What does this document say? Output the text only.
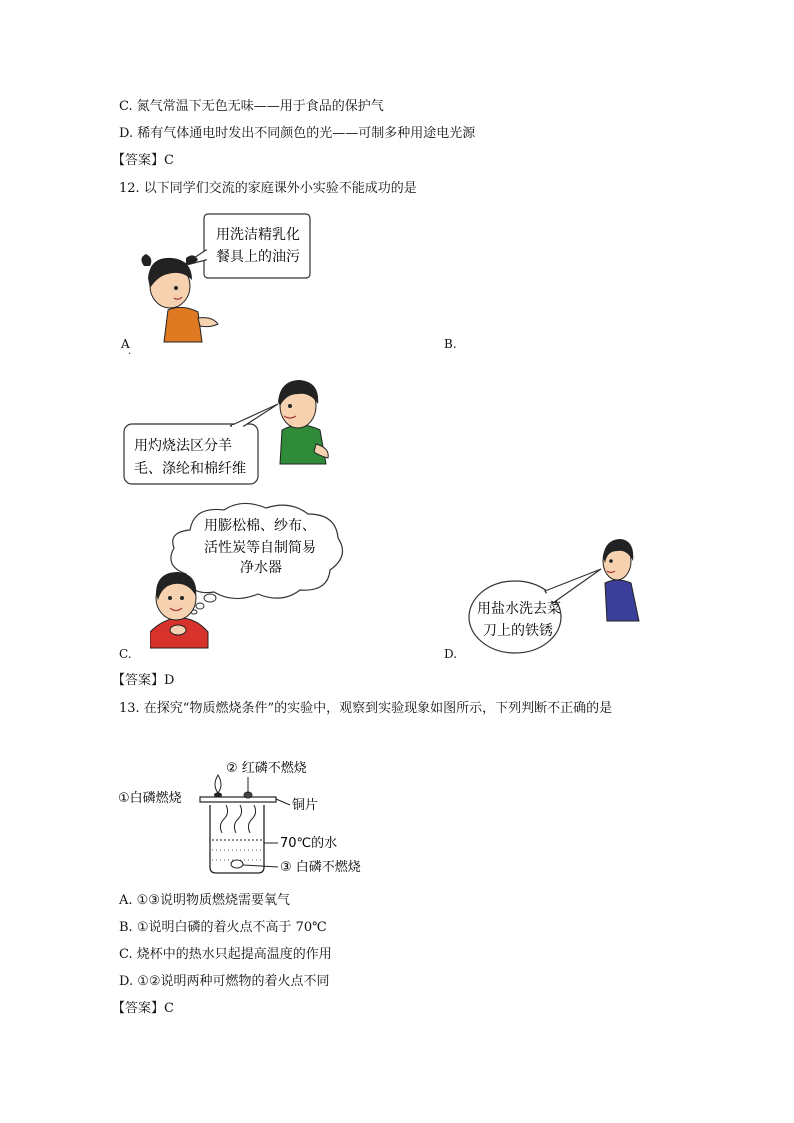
C. 氮气常温下无色无味——用于食品的保护气
D. 稀有气体通电时发出不同颜色的光——可制多种用途电光源
【答案】C
12. 以下同学们交流的家庭课外小实验不能成功的是
用洗洁精乳化
餐具上的油污
A
.
B.
用灼烧法区分羊
毛、涤纶和棉纤维
用膨松棉、纱布、
活性炭等自制简易
净水器
C.
用盐水洗去菜
刀上的铁锈
D.
【答案】D
13. 在探究“物质燃烧条件”的实验中，观察到实验现象如图所示，下列判断不正确的是
①白磷燃烧
② 红磷不燃烧
铜片
70℃的水
③ 白磷不燃烧
A. ①③说明物质燃烧需要氧气
B. ①说明白磷的着火点不高于 70℃
C. 烧杯中的热水只起提高温度的作用
D. ①②说明两种可燃物的着火点不同
【答案】C
